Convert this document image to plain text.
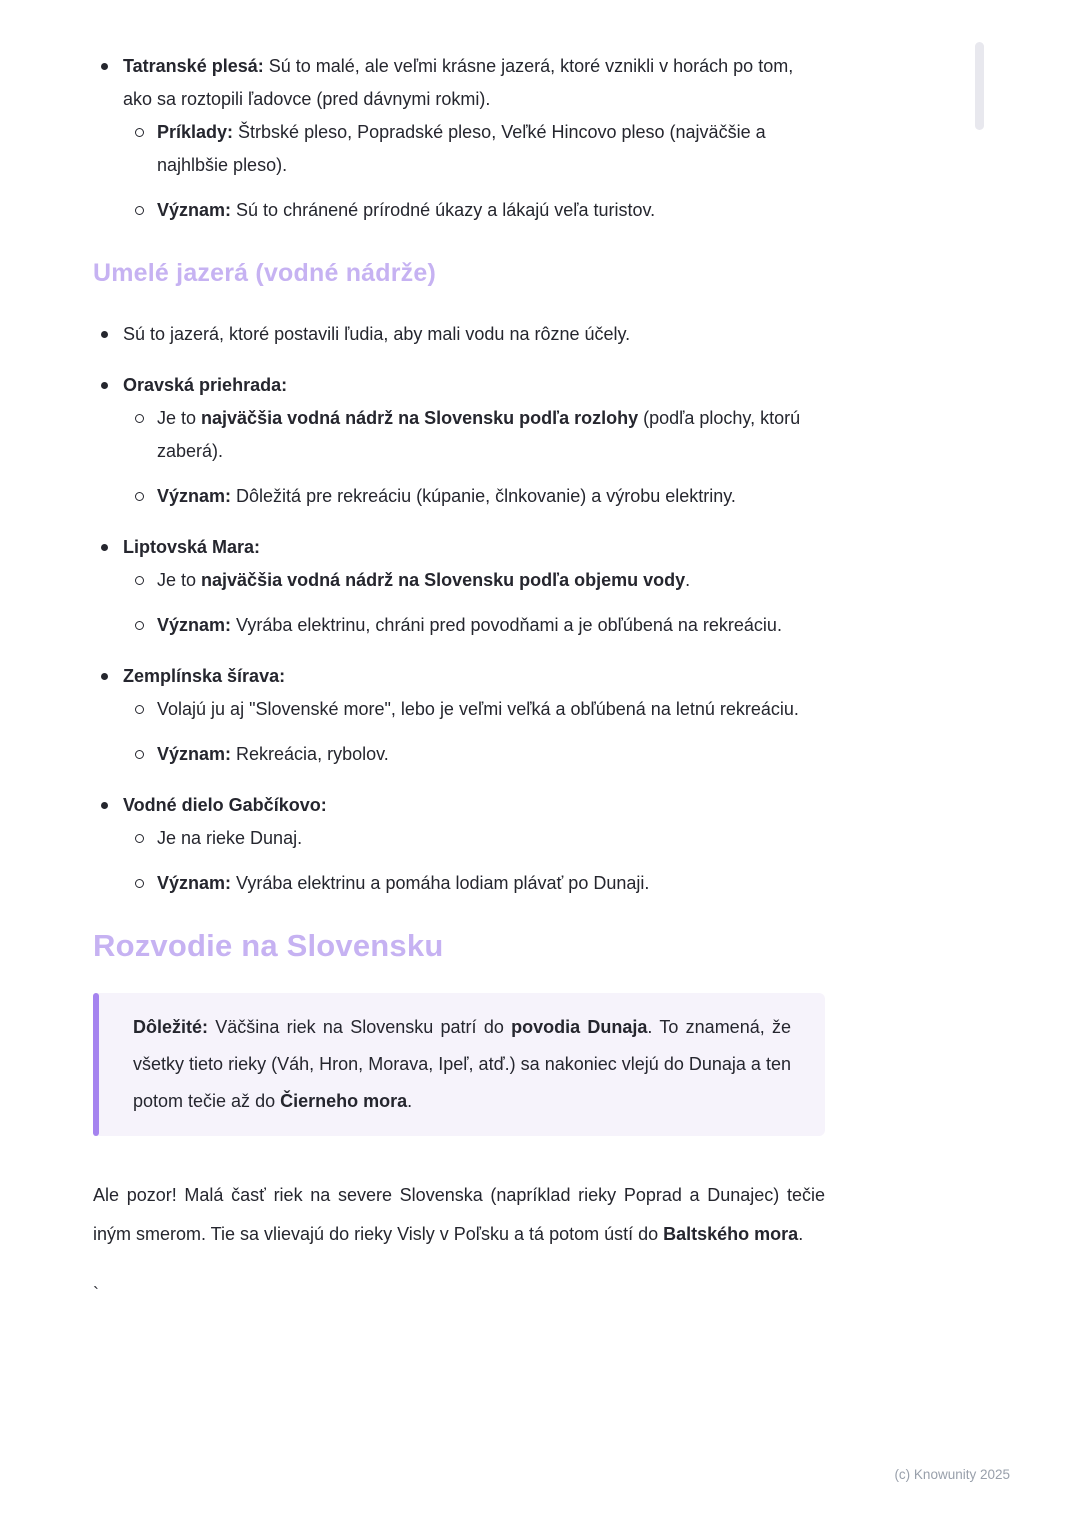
Tatranské plesá: Sú to malé, ale veľmi krásne jazerá, ktoré vznikli v horách po tom, ako sa roztopili ľadovce (pred dávnymi rokmi).

Príklady: Štrbské pleso, Popradské pleso, Veľké Hincovo pleso (najväčšie a najhlbšie pleso).

Význam: Sú to chránené prírodné úkazy a lákajú veľa turistov.

Umelé jazerá (vodné nádrže)

Sú to jazerá, ktoré postavili ľudia, aby mali vodu na rôzne účely.

Oravská priehrada:

Je to najväčšia vodná nádrž na Slovensku podľa rozlohy (podľa plochy, ktorú zaberá).

Význam: Dôležitá pre rekreáciu (kúpanie, člnkovanie) a výrobu elektriny.

Liptovská Mara:

Je to najväčšia vodná nádrž na Slovensku podľa objemu vody.

Význam: Vyrába elektrinu, chráni pred povodňami a je obľúbená na rekreáciu.

Zemplínska šírava:

Volajú ju aj "Slovenské more", lebo je veľmi veľká a obľúbená na letnú rekreáciu.

Význam: Rekreácia, rybolov.

Vodné dielo Gabčíkovo:

Je na rieke Dunaj.

Význam: Vyrába elektrinu a pomáha lodiam plávať po Dunaji.

Rozvodie na Slovensku

Dôležité: Väčšina riek na Slovensku patrí do povodia Dunaja. To znamená, že všetky tieto rieky (Váh, Hron, Morava, Ipeľ, atď.) sa nakoniec vlejú do Dunaja a ten potom tečie až do Čierneho mora.

Ale pozor! Malá časť riek na severe Slovenska (napríklad rieky Poprad a Dunajec) tečie iným smerom. Tie sa vlievajú do rieky Visly v Poľsku a tá potom ústí do Baltského mora.

`

(c) Knowunity 2025
